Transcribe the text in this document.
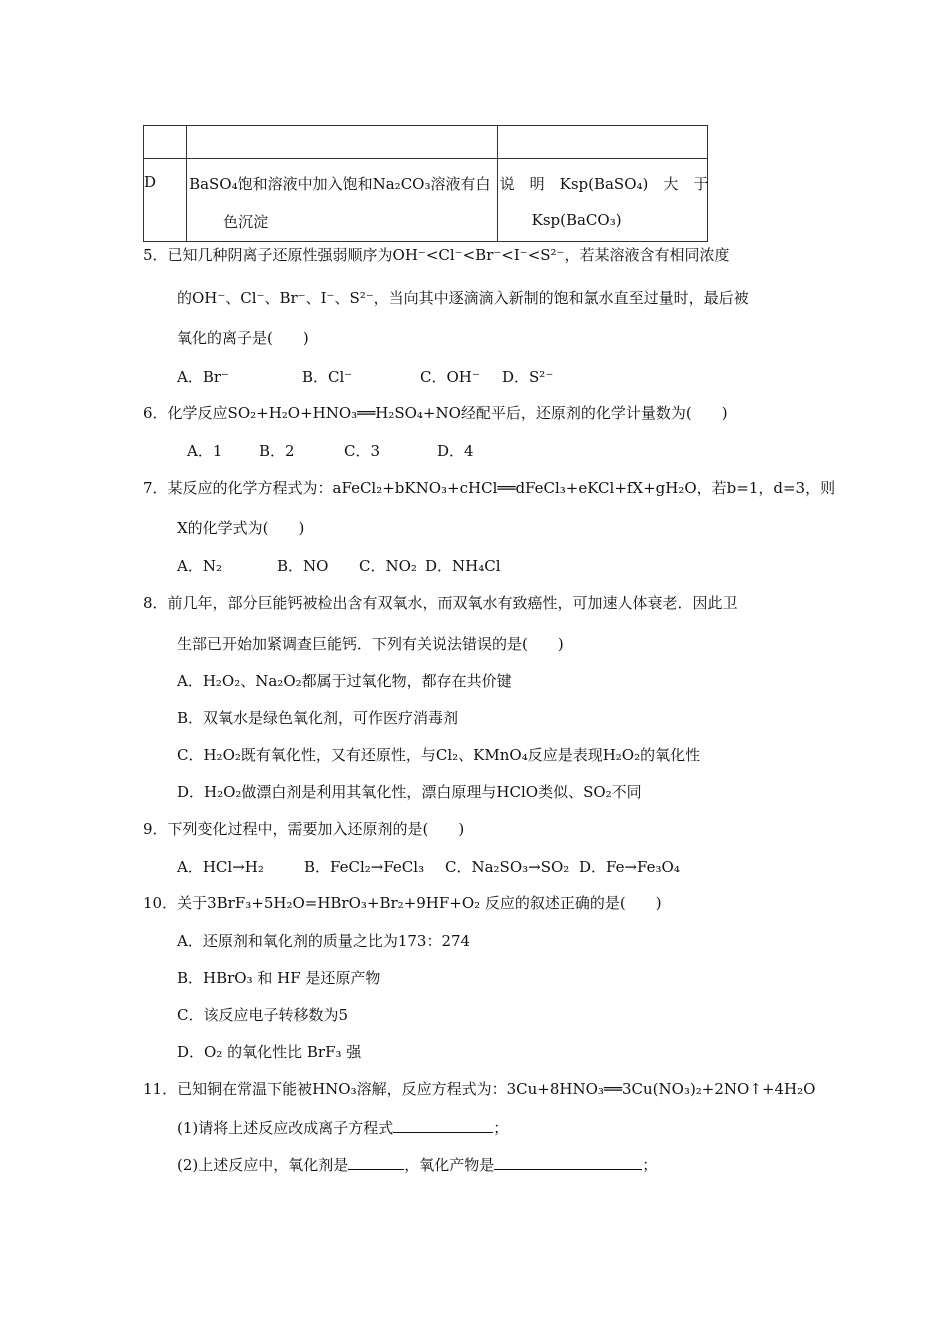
D	BaSO₄饱和溶液中加入饱和Na₂CO₃溶液有白
色沉淀	说　明　Ksp(BaSO₄)　大　于
Ksp(BaCO₃)
5．已知几种阴离子还原性强弱顺序为OH⁻<Cl⁻<Br⁻<I⁻<S²⁻，若某溶液含有相同浓度
的OH⁻、Cl⁻、Br⁻、I⁻、S²⁻，当向其中逐滴滴入新制的饱和氯水直至过量时，最后被
氧化的离子是(　　)
A．Br⁻	B．Cl⁻	C．OH⁻ D．S²⁻
6．化学反应SO₂+H₂O+HNO₃══H₂SO₄+NO经配平后，还原剂的化学计量数为(　　)
A．1 B．2	C．3	D．4
7．某反应的化学方程式为：aFeCl₂+bKNO₃+cHCl══dFeCl₃+eKCl+fX+gH₂O，若b=1，d=3，则
X的化学式为(　　)
A．N₂	B．NO C．NO₂ D．NH₄Cl
8．前几年，部分巨能钙被检出含有双氧水，而双氧水有致癌性，可加速人体衰老．因此卫
生部已开始加紧调查巨能钙．下列有关说法错误的是(　　)
A．H₂O₂、Na₂O₂都属于过氧化物，都存在共价键
B．双氧水是绿色氧化剂，可作医疗消毒剂
C．H₂O₂既有氧化性，又有还原性，与Cl₂、KMnO₄反应是表现H₂O₂的氧化性
D．H₂O₂做漂白剂是利用其氧化性，漂白原理与HClO类似、SO₂不同
9．下列变化过程中，需要加入还原剂的是(　　)
A．HCl→H₂	B．FeCl₂→FeCl₃ C．Na₂SO₃→SO₂ D．Fe→Fe₃O₄
10．关于3BrF₃+5H₂O=HBrO₃+Br₂+9HF+O₂ 反应的叙述正确的是(　　)
A．还原剂和氧化剂的质量之比为173：274
B．HBrO₃ 和 HF 是还原产物
C．该反应电子转移数为5
D．O₂ 的氧化性比 BrF₃ 强
11．已知铜在常温下能被HNO₃溶解，反应方程式为：3Cu+8HNO₃══3Cu(NO₃)₂+2NO↑+4H₂O
(1)请将上述反应改成离子方程式	；
(2)上述反应中，氧化剂是	，氧化产物是	；
